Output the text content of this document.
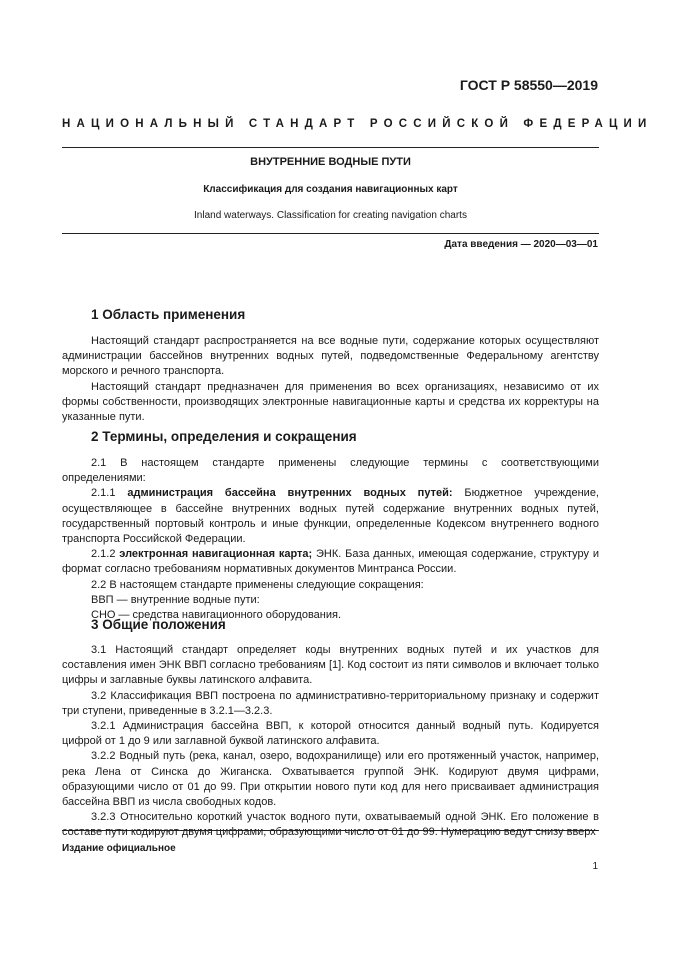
ГОСТ Р 58550—2019
НАЦИОНАЛЬНЫЙ СТАНДАРТ РОССИЙСКОЙ ФЕДЕРАЦИИ
ВНУТРЕННИЕ ВОДНЫЕ ПУТИ
Классификация для создания навигационных карт
Inland waterways. Classification for creating navigation charts
Дата введения — 2020—03—01
1 Область применения

Настоящий стандарт распространяется на все водные пути, содержание которых осуществляют администрации бассейнов внутренних водных путей, подведомственные Федеральному агентству морского и речного транспорта.

Настоящий стандарт предназначен для применения во всех организациях, независимо от их формы собственности, производящих электронные навигационные карты и средства их корректуры на указанные пути.

2 Термины, определения и сокращения

2.1 В настоящем стандарте применены следующие термины с соответствующими определениями:

2.1.1 администрация бассейна внутренних водных путей: Бюджетное учреждение, осуществляющее в бассейне внутренних водных путей содержание внутренних водных путей, государственный портовый контроль и иные функции, определенные Кодексом внутреннего водного транспорта Российской Федерации.

2.1.2 электронная навигационная карта; ЭНК. База данных, имеющая содержание, структуру и формат согласно требованиям нормативных документов Минтранса России.

2.2 В настоящем стандарте применены следующие сокращения:

ВВП — внутренние водные пути:

СНО — средства навигационного оборудования.

3 Общие положения

3.1 Настоящий стандарт определяет коды внутренних водных путей и их участков для составления имен ЭНК ВВП согласно требованиям [1]. Код состоит из пяти символов и включает только цифры и заглавные буквы латинского алфавита.

3.2 Классификация ВВП построена по административно-территориальному признаку и содержит три ступени, приведенные в 3.2.1—3.2.3.

3.2.1 Администрация бассейна ВВП, к которой относится данный водный путь. Кодируется цифрой от 1 до 9 или заглавной буквой латинского алфавита.

3.2.2 Водный путь (река, канал, озеро, водохранилище) или его протяженный участок, например, река Лена от Синска до Жиганска. Охватывается группой ЭНК. Кодируют двумя цифрами, образующими число от 01 до 99. При открытии нового пути код для него присваивает администрация бассейна ВВП из числа свободных кодов.

3.2.3 Относительно короткий участок водного пути, охватываемый одной ЭНК. Его положение в составе пути кодируют двумя цифрами, образующими число от 01 до 99. Нумерацию ведут снизу вверх

Издание официальное
1
